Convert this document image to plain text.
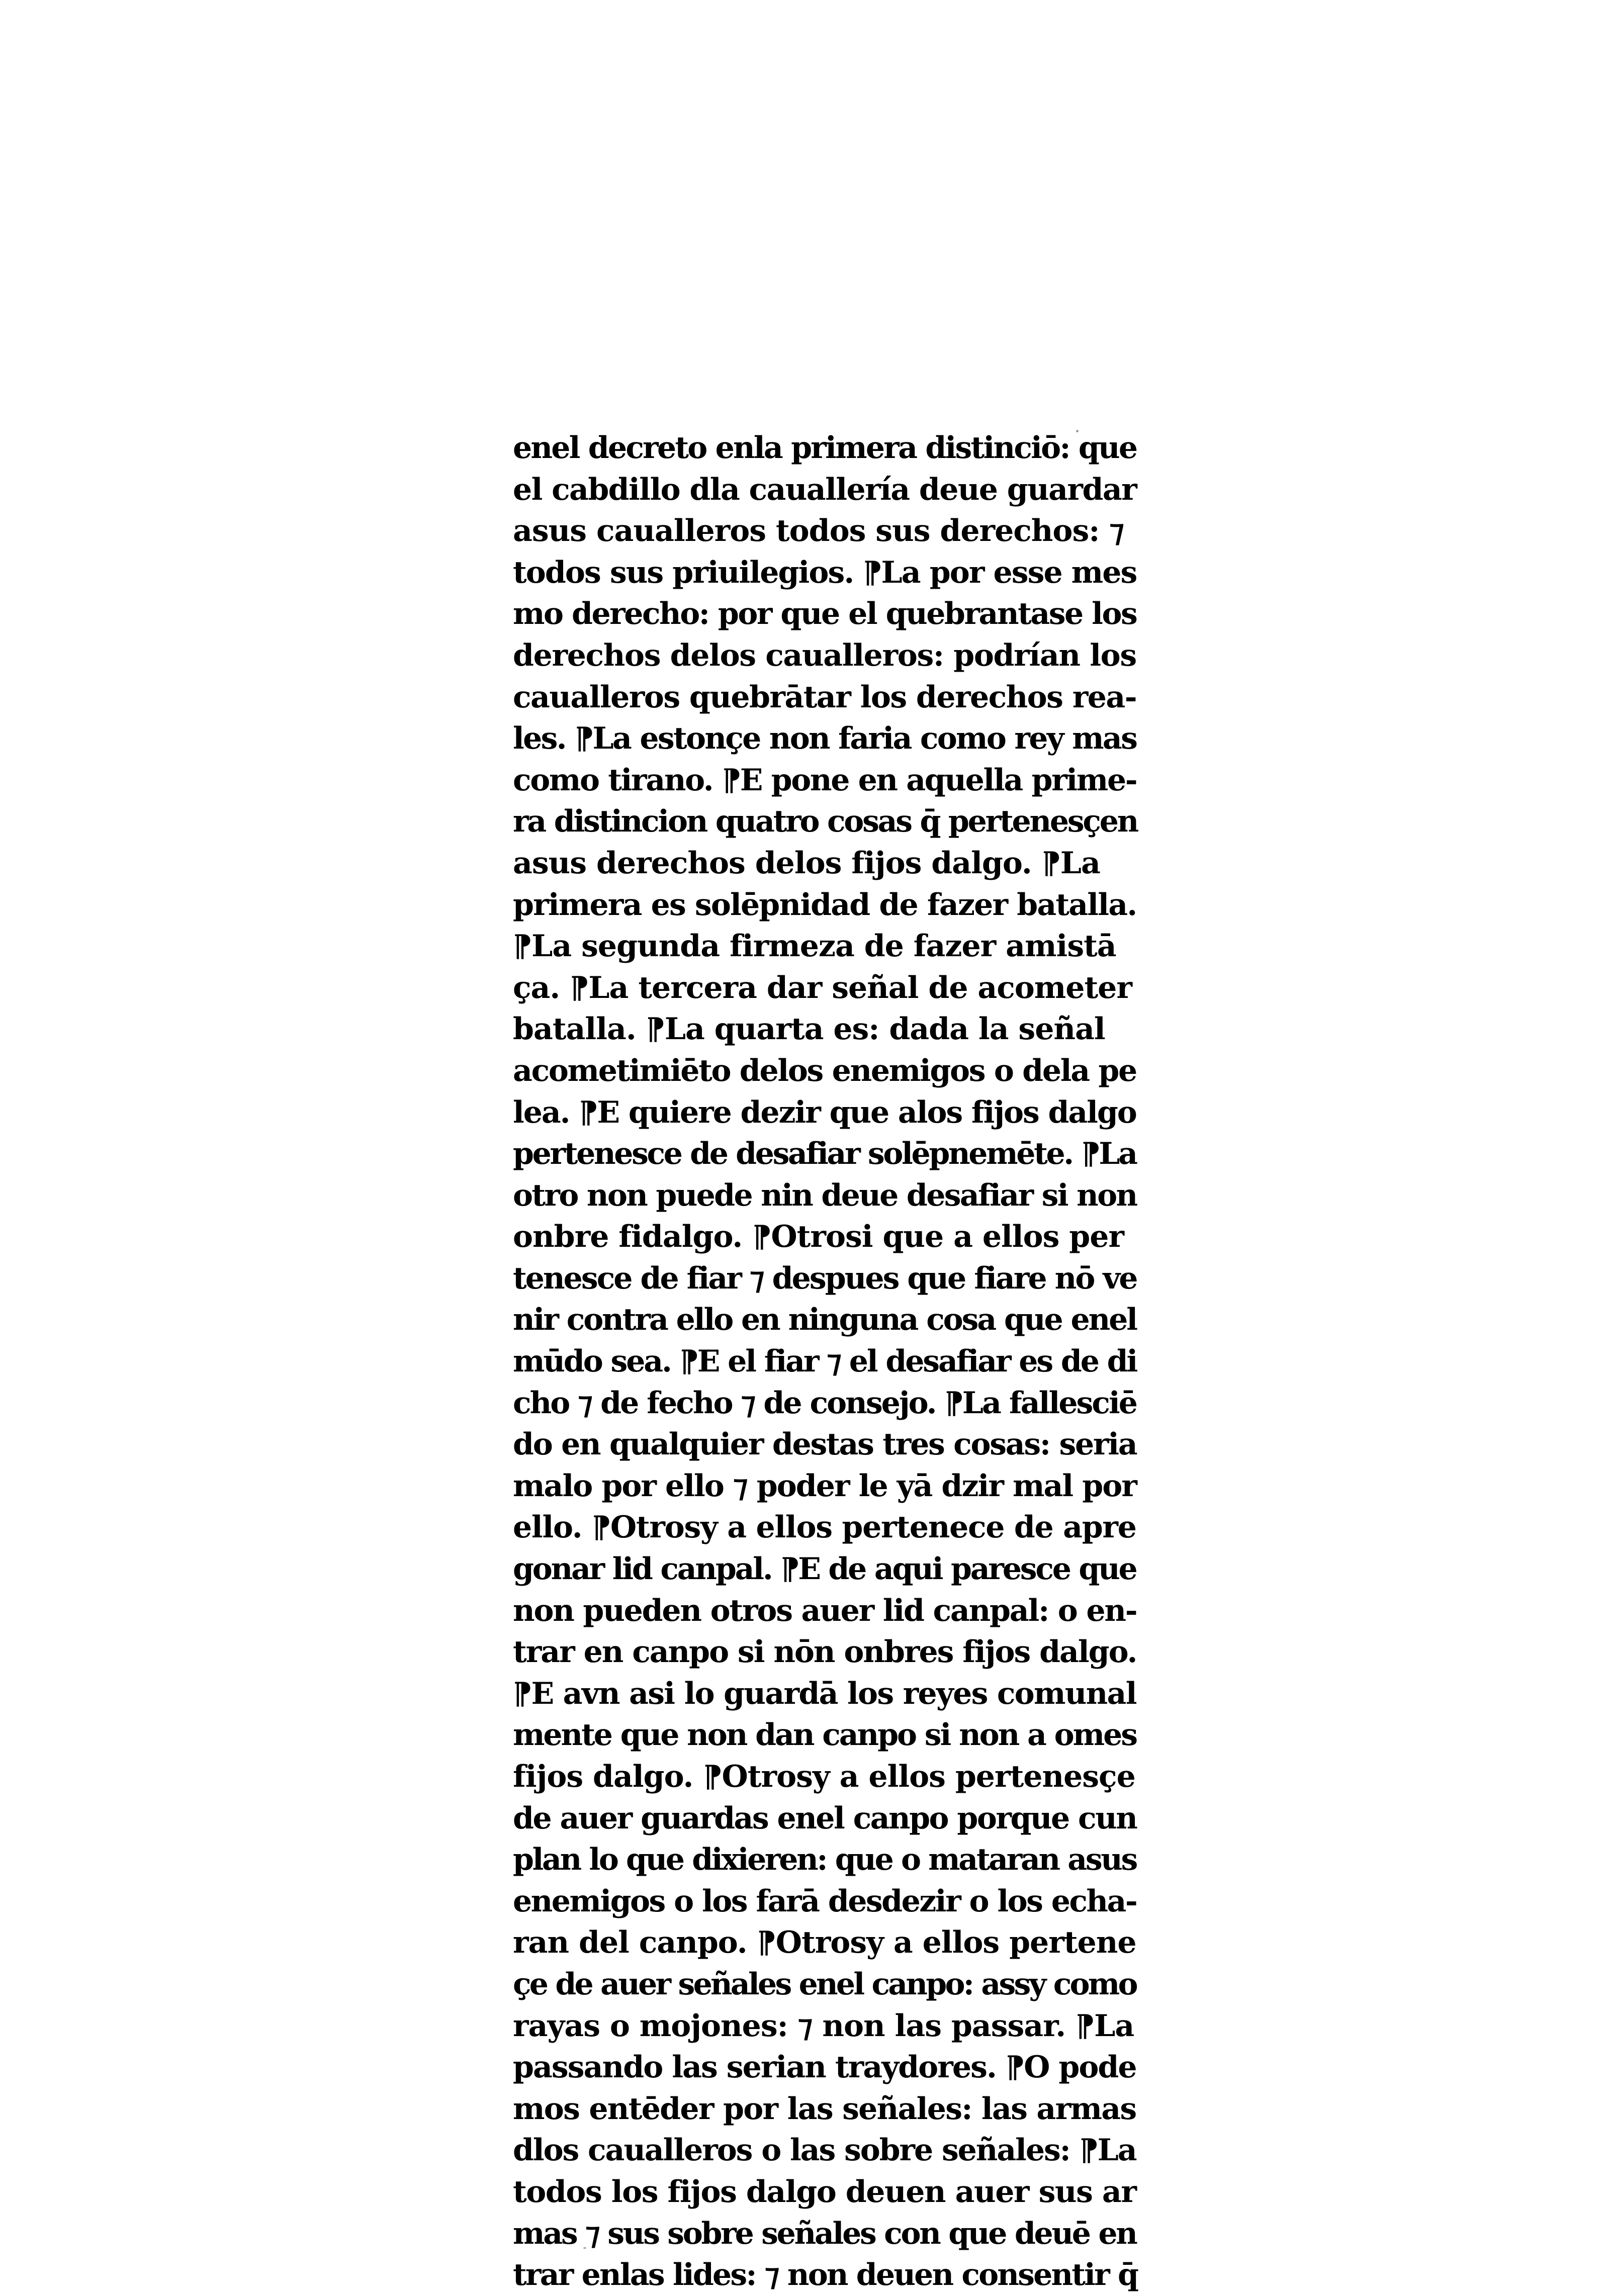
enel decreto enla primera distinciō: que
el cabdillo dla cauallería deue guardar
asus caualleros todos sus derechos: ⁊
todos sus priuilegios. ⁋La por esse mes
mo derecho: por que el quebrantase los
derechos delos caualleros: podrían los
caualleros quebrātar los derechos rea-
les. ⁋La estonçe non faria como rey mas
como tirano. ⁋E pone en aquella prime-
ra distincion quatro cosas q̄ pertenesçen
asus derechos delos fijos dalgo. ⁋La
primera es solēpnidad de fazer batalla.
⁋La segunda firmeza de fazer amistā
ça. ⁋La tercera dar señal de acometer
batalla. ⁋La quarta es: dada la señal
acometimiēto delos enemigos o dela pe
lea. ⁋E quiere dezir que alos fijos dalgo
pertenesce de desafiar solēpnemēte. ⁋La
otro non puede nin deue desafiar si non
onbre fidalgo. ⁋Otrosi que a ellos per
tenesce de fiar ⁊ despues que fiare nō ve
nir contra ello en ninguna cosa que enel
mūdo sea. ⁋E el fiar ⁊ el desafiar es de di
cho ⁊ de fecho ⁊ de consejo. ⁋La fallesciē
do en qualquier destas tres cosas: seria
malo por ello ⁊ poder le yā dzir mal por
ello. ⁋Otrosy a ellos pertenece de apre
gonar lid canpal. ⁋E de aqui paresce que
non pueden otros auer lid canpal: o en-
trar en canpo si nōn onbres fijos dalgo.
⁋E avn asi lo guardā los reyes comunal
mente que non dan canpo si non a omes
fijos dalgo. ⁋Otrosy a ellos pertenesçe
de auer guardas enel canpo porque cun
plan lo que dixieren: que o mataran asus
enemigos o los farā desdezir o los echa-
ran del canpo. ⁋Otrosy a ellos pertene
çe de auer señales enel canpo: assy como
rayas o mojones: ⁊ non las passar. ⁋La
passando las serian traydores. ⁋O pode
mos entēder por las señales: las armas
dlos caualleros o las sobre señales: ⁋La
todos los fijos dalgo deuen auer sus ar
mas ⁊ sus sobre señales con que deuē en
trar enlas lides: ⁊ non deuen consentir q̄
